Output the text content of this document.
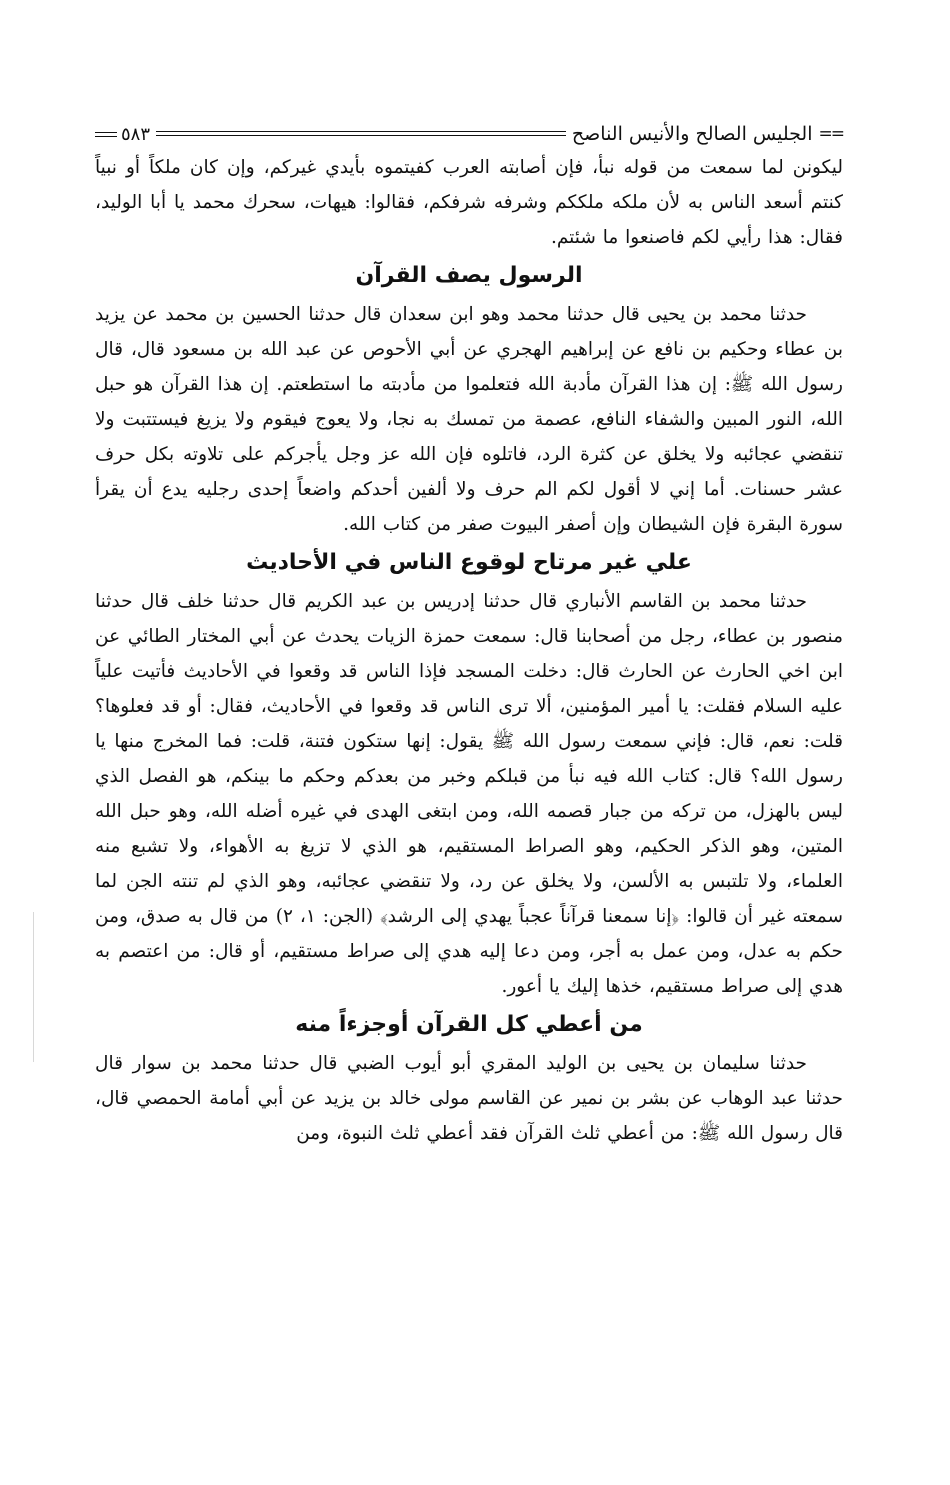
==
الجليس الصالح والأنيس الناصح
٥٨٣

ليكونن لما سمعت من قوله نبأ، فإن أصابته العرب كفيتموه بأيدي غيركم، وإن كان ملكاً أو نبياً كنتم أسعد الناس به لأن ملكه ملككم وشرفه شرفكم، فقالوا: هيهات، سحرك محمد يا أبا الوليد، فقال: هذا رأيي لكم فاصنعوا ما شئتم.

الرسول يصف القرآن

حدثنا محمد بن يحيى قال حدثنا محمد وهو ابن سعدان قال حدثنا الحسين بن محمد عن يزيد بن عطاء وحكيم بن نافع عن إبراهيم الهجري عن أبي الأحوص عن عبد الله بن مسعود قال، قال رسول الله ﷺ: إن هذا القرآن مأدبة الله فتعلموا من مأدبته ما استطعتم. إن هذا القرآن هو حبل الله، النور المبين والشفاء النافع، عصمة من تمسك به نجا، ولا يعوج فيقوم ولا يزيغ فيستتبت ولا تنقضي عجائبه ولا يخلق عن كثرة الرد، فاتلوه فإن الله عز وجل يأجركم على تلاوته بكل حرف عشر حسنات. أما إني لا أقول لكم الم حرف ولا ألفين أحدكم واضعاً إحدى رجليه يدع أن يقرأ سورة البقرة فإن الشيطان وإن أصفر البيوت صفر من كتاب الله.

علي غير مرتاح لوقوع الناس في الأحاديث

حدثنا محمد بن القاسم الأنباري قال حدثنا إدريس بن عبد الكريم قال حدثنا خلف قال حدثنا منصور بن عطاء، رجل من أصحابنا قال: سمعت حمزة الزيات يحدث عن أبي المختار الطائي عن ابن اخي الحارث عن الحارث قال: دخلت المسجد فإذا الناس قد وقعوا في الأحاديث فأتيت علياً عليه السلام فقلت: يا أمير المؤمنين، ألا ترى الناس قد وقعوا في الأحاديث، فقال: أو قد فعلوها؟ قلت: نعم، قال: فإني سمعت رسول الله ﷺ يقول: إنها ستكون فتنة، قلت: فما المخرج منها يا رسول الله؟ قال: كتاب الله فيه نبأ من قبلكم وخبر من بعدكم وحكم ما بينكم، هو الفصل الذي ليس بالهزل، من تركه من جبار قصمه الله، ومن ابتغى الهدى في غيره أضله الله، وهو حبل الله المتين، وهو الذكر الحكيم، وهو الصراط المستقيم، هو الذي لا تزيغ به الأهواء، ولا تشبع منه العلماء، ولا تلتبس به الألسن، ولا يخلق عن رد، ولا تنقضي عجائبه، وهو الذي لم تنته الجن لما سمعته غير أن قالوا: ﴿إنا سمعنا قرآناً عجباً يهدي إلى الرشد﴾ (الجن: ١، ٢) من قال به صدق، ومن حكم به عدل، ومن عمل به أجر، ومن دعا إليه هدي إلى صراط مستقيم، أو قال: من اعتصم به هدي إلى صراط مستقيم، خذها إليك يا أعور.

من أعطي كل القرآن أوجزءاً منه

حدثنا سليمان بن يحيى بن الوليد المقري أبو أيوب الضبي قال حدثنا محمد بن سوار قال حدثنا عبد الوهاب عن بشر بن نمير عن القاسم مولى خالد بن يزيد عن أبي أمامة الحمصي قال، قال رسول الله ﷺ: من أعطي ثلث القرآن فقد أعطي ثلث النبوة، ومن
